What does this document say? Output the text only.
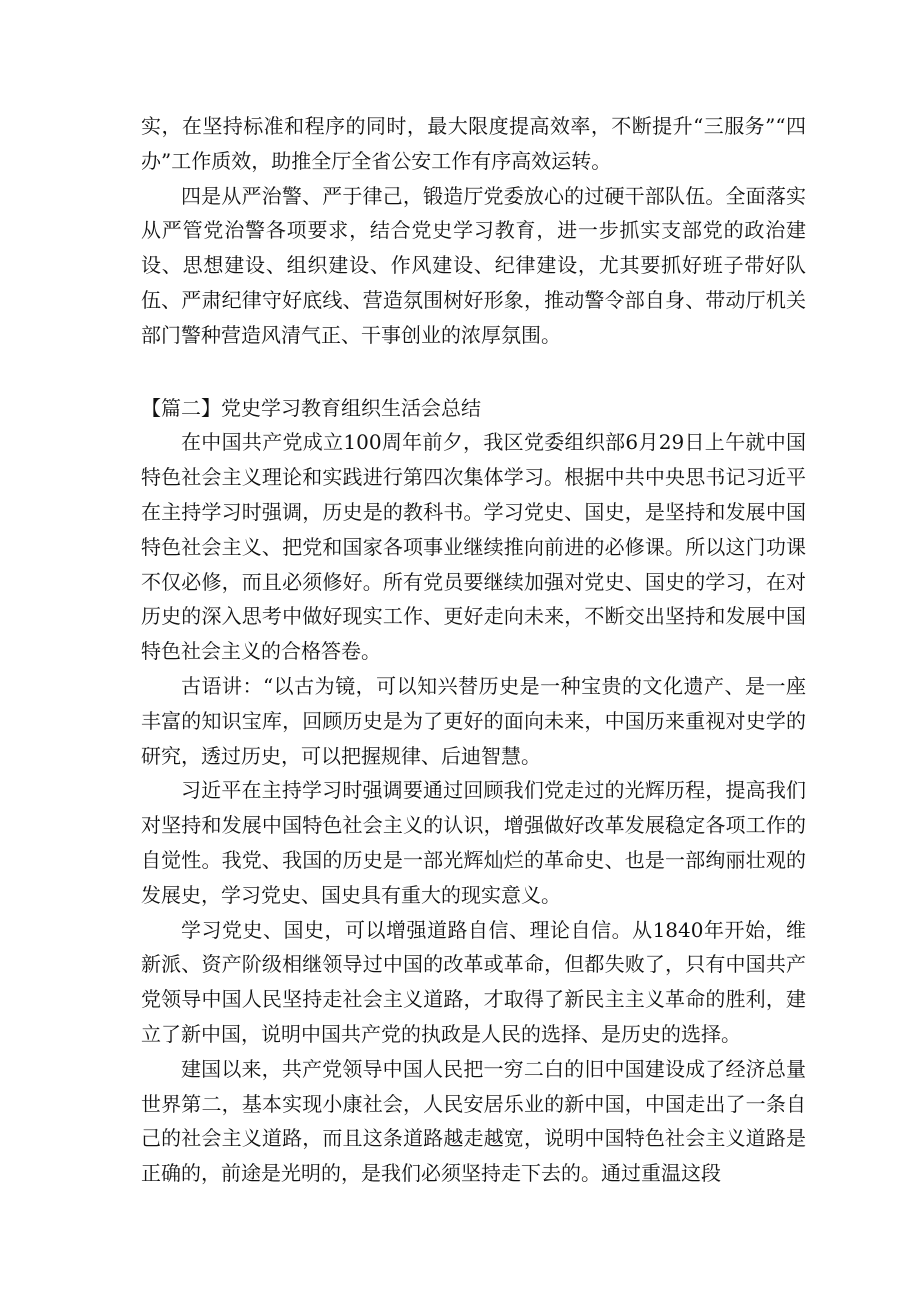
实，在坚持标准和程序的同时，最大限度提高效率，不断提升“三服务”“四办”工作质效，助推全厅全省公安工作有序高效运转。

四是从严治警、严于律己，锻造厅党委放心的过硬干部队伍。全面落实从严管党治警各项要求，结合党史学习教育，进一步抓实支部党的政治建设、思想建设、组织建设、作风建设、纪律建设，尤其要抓好班子带好队伍、严肃纪律守好底线、营造氛围树好形象，推动警令部自身、带动厅机关部门警种营造风清气正、干事创业的浓厚氛围。

【篇二】党史学习教育组织生活会总结

在中国共产党成立100周年前夕，我区党委组织部6月29日上午就中国特色社会主义理论和实践进行第四次集体学习。根据中共中央思书记习近平在主持学习时强调，历史是的教科书。学习党史、国史，是坚持和发展中国特色社会主义、把党和国家各项事业继续推向前进的必修课。所以这门功课不仅必修，而且必须修好。所有党员要继续加强对党史、国史的学习，在对历史的深入思考中做好现实工作、更好走向未来，不断交出坚持和发展中国特色社会主义的合格答卷。

古语讲：“以古为镜，可以知兴替历史是一种宝贵的文化遗产、是一座丰富的知识宝库，回顾历史是为了更好的面向未来，中国历来重视对史学的研究，透过历史，可以把握规律、后迪智慧。

习近平在主持学习时强调要通过回顾我们党走过的光辉历程，提高我们对坚持和发展中国特色社会主义的认识，增强做好改革发展稳定各项工作的自觉性。我党、我国的历史是一部光辉灿烂的革命史、也是一部绚丽壮观的发展史，学习党史、国史具有重大的现实意义。

学习党史、国史，可以增强道路自信、理论自信。从1840年开始，维新派、资产阶级相继领导过中国的改革或革命，但都失败了，只有中国共产党领导中国人民坚持走社会主义道路，才取得了新民主主义革命的胜利，建立了新中国，说明中国共产党的执政是人民的选择、是历史的选择。

建国以来，共产党领导中国人民把一穷二白的旧中国建设成了经济总量世界第二，基本实现小康社会，人民安居乐业的新中国，中国走出了一条自己的社会主义道路，而且这条道路越走越宽，说明中国特色社会主义道路是正确的，前途是光明的，是我们必须坚持走下去的。通过重温这段
